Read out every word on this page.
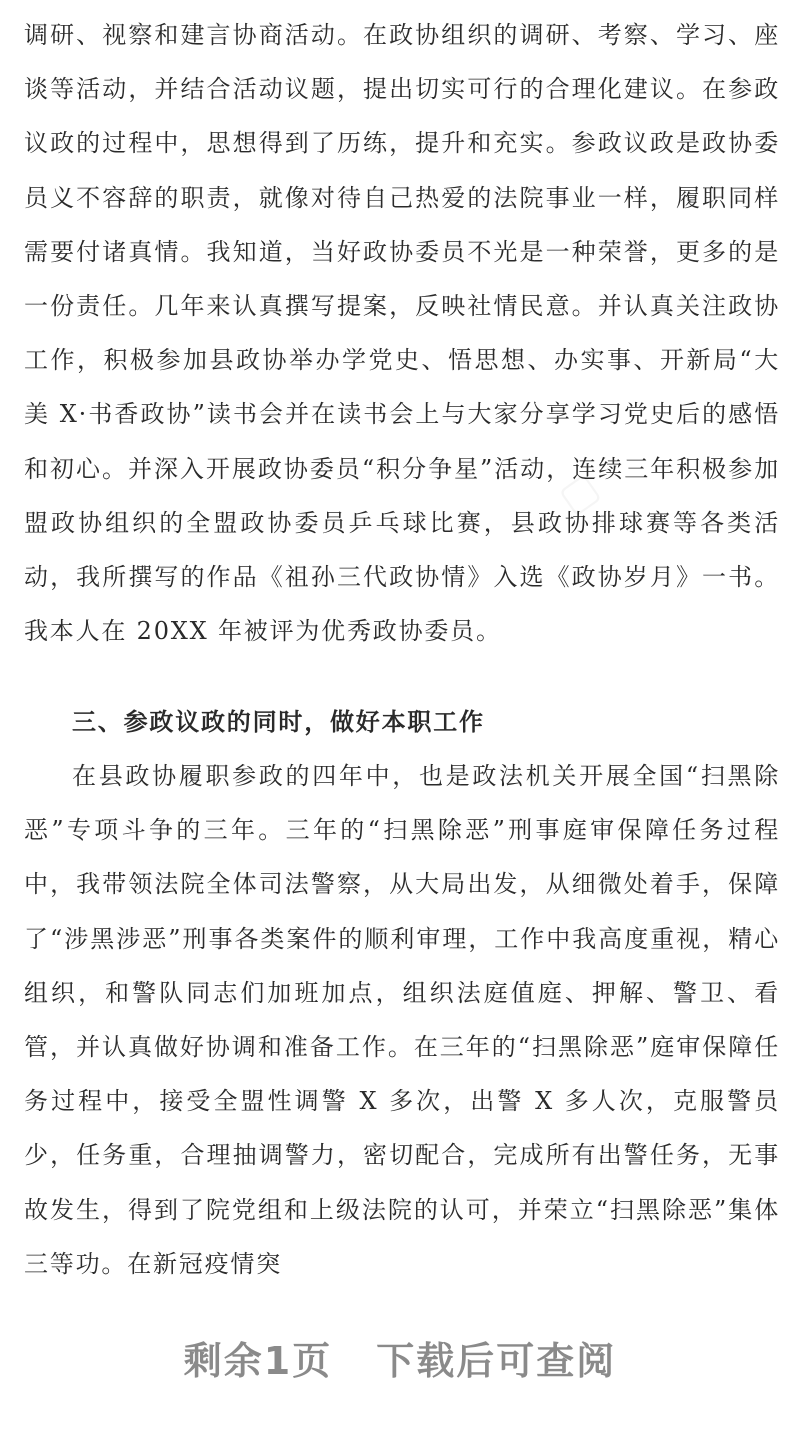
调研、视察和建言协商活动。在政协组织的调研、考察、学习、座谈等活动，并结合活动议题，提出切实可行的合理化建议。在参政议政的过程中，思想得到了历练，提升和充实。参政议政是政协委员义不容辞的职责，就像对待自己热爱的法院事业一样，履职同样需要付诸真情。我知道，当好政协委员不光是一种荣誉，更多的是一份责任。几年来认真撰写提案，反映社情民意。并认真关注政协工作，积极参加县政协举办学党史、悟思想、办实事、开新局“大美 X·书香政协”读书会并在读书会上与大家分享学习党史后的感悟和初心。并深入开展政协委员“积分争星”活动，连续三年积极参加盟政协组织的全盟政协委员乒乓球比赛，县政协排球赛等各类活动，我所撰写的作品《祖孙三代政协情》入选《政协岁月》一书。我本人在 20XX 年被评为优秀政协委员。

三、参政议政的同时，做好本职工作

在县政协履职参政的四年中，也是政法机关开展全国“扫黑除恶”专项斗争的三年。三年的“扫黑除恶”刑事庭审保障任务过程中，我带领法院全体司法警察，从大局出发，从细微处着手，保障了“涉黑涉恶”刑事各类案件的顺利审理，工作中我高度重视，精心组织，和警队同志们加班加点，组织法庭值庭、押解、警卫、看管，并认真做好协调和准备工作。在三年的“扫黑除恶”庭审保障任务过程中，接受全盟性调警 X 多次，出警 X 多人次，克服警员少，任务重，合理抽调警力，密切配合，完成所有出警任务，无事故发生，得到了院党组和上级法院的认可，并荣立“扫黑除恶”集体三等功。在新冠疫情突

剩余1页 下载后可查阅
